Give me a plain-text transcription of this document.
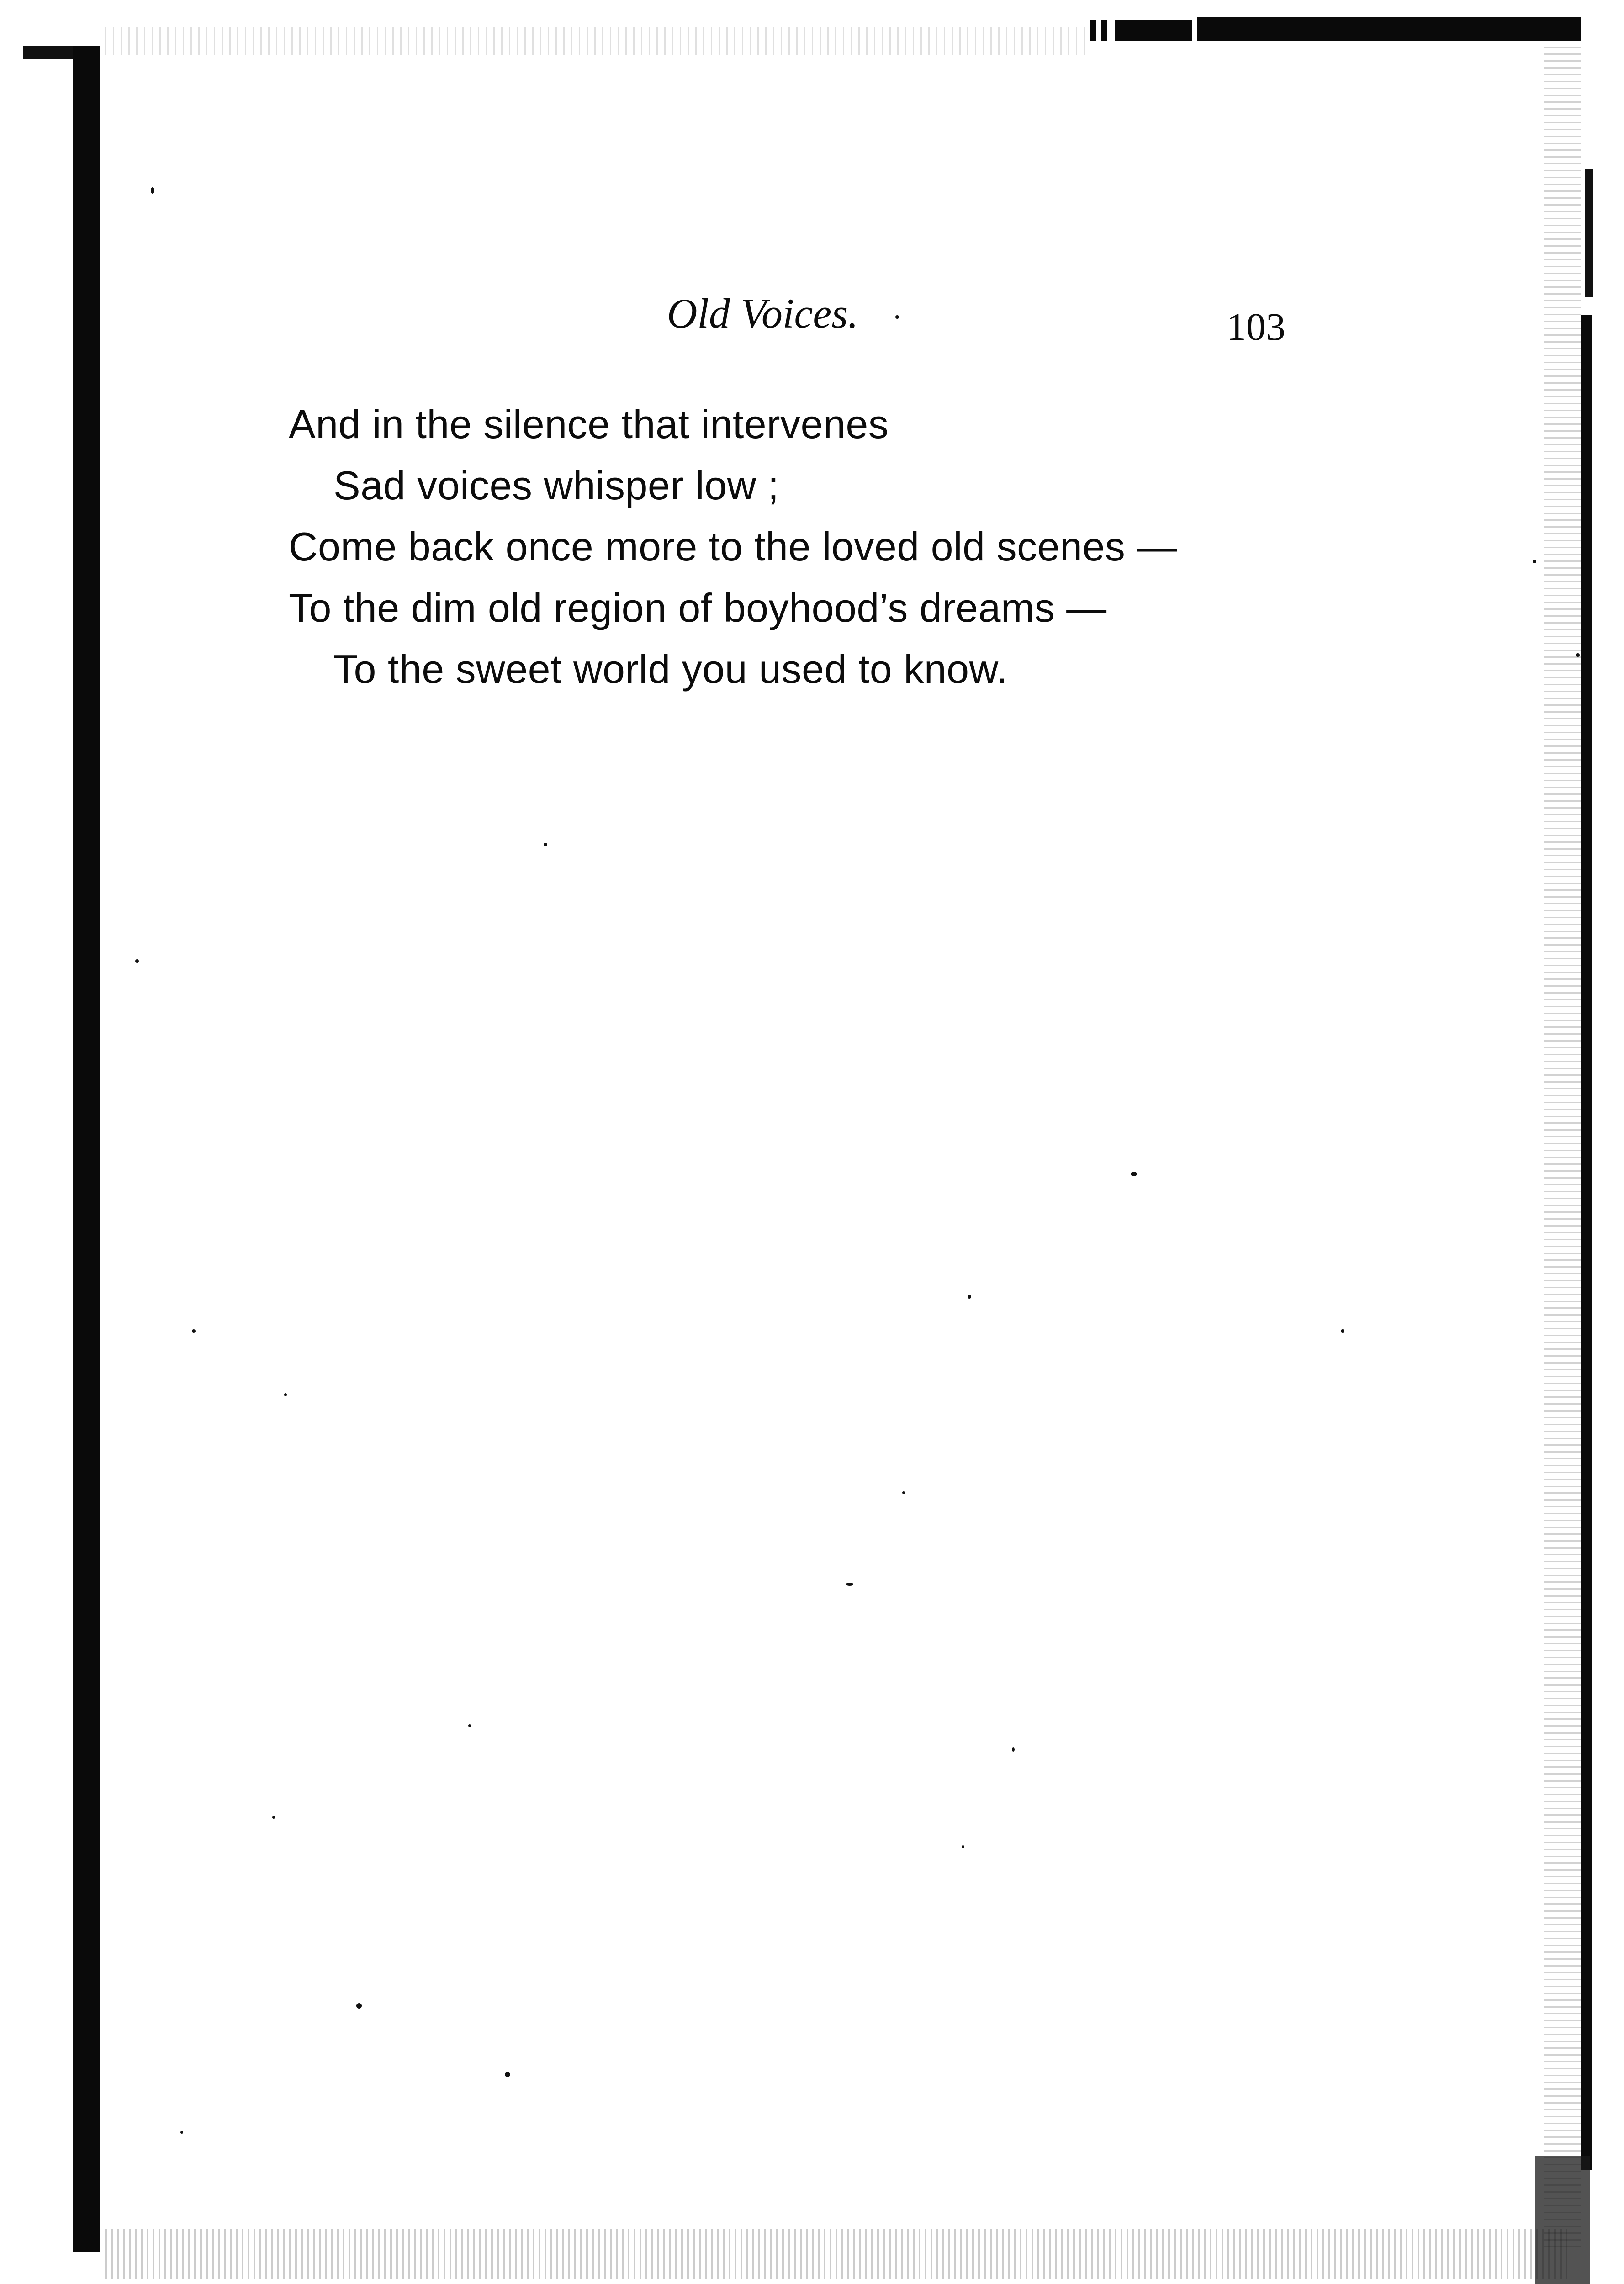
Old Voices.	103
And in the silence that intervenes
Sad voices whisper low ;
Come back once more to the loved old scenes —
To the dim old region of boyhood’s dreams —
To the sweet world you used to know.
